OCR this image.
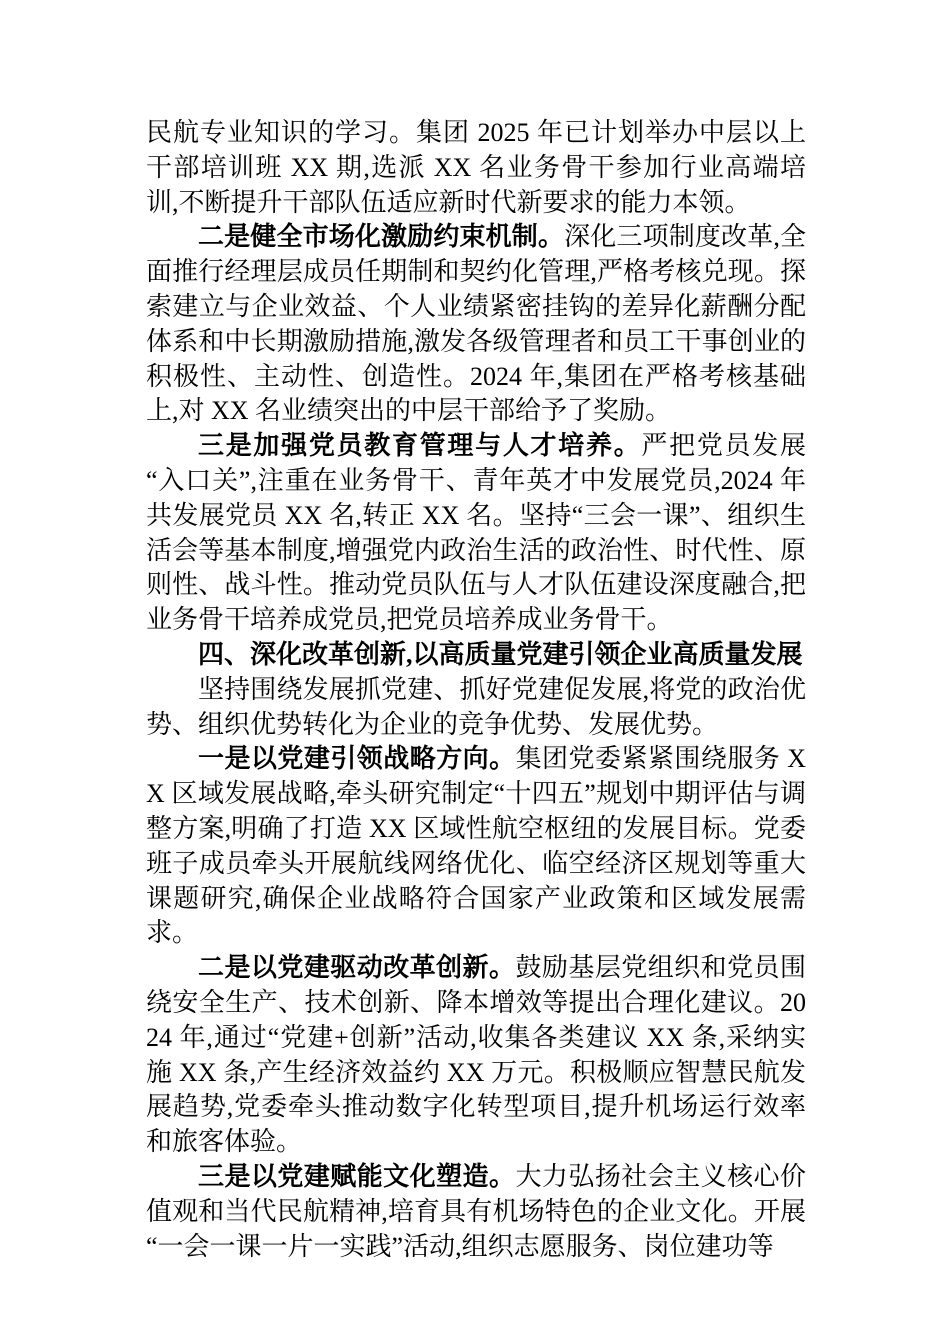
民航专业知识的学习。集团 2025 年已计划举办中层以上干部培训班 XX 期,选派 XX 名业务骨干参加行业高端培训,不断提升干部队伍适应新时代新要求的能力本领。

二是健全市场化激励约束机制。深化三项制度改革,全面推行经理层成员任期制和契约化管理,严格考核兑现。探索建立与企业效益、个人业绩紧密挂钩的差异化薪酬分配体系和中长期激励措施,激发各级管理者和员工干事创业的积极性、主动性、创造性。2024 年,集团在严格考核基础上,对 XX 名业绩突出的中层干部给予了奖励。

三是加强党员教育管理与人才培养。严把党员发展“入口关”,注重在业务骨干、青年英才中发展党员,2024 年共发展党员 XX 名,转正 XX 名。坚持“三会一课”、组织生活会等基本制度,增强党内政治生活的政治性、时代性、原则性、战斗性。推动党员队伍与人才队伍建设深度融合,把业务骨干培养成党员,把党员培养成业务骨干。

四、深化改革创新,以高质量党建引领企业高质量发展

坚持围绕发展抓党建、抓好党建促发展,将党的政治优势、组织优势转化为企业的竞争优势、发展优势。

一是以党建引领战略方向。集团党委紧紧围绕服务 XX 区域发展战略,牵头研究制定“十四五”规划中期评估与调整方案,明确了打造 XX 区域性航空枢纽的发展目标。党委班子成员牵头开展航线网络优化、临空经济区规划等重大课题研究,确保企业战略符合国家产业政策和区域发展需求。

二是以党建驱动改革创新。鼓励基层党组织和党员围绕安全生产、技术创新、降本增效等提出合理化建议。2024 年,通过“党建+创新”活动,收集各类建议 XX 条,采纳实施 XX 条,产生经济效益约 XX 万元。积极顺应智慧民航发展趋势,党委牵头推动数字化转型项目,提升机场运行效率和旅客体验。

三是以党建赋能文化塑造。大力弘扬社会主义核心价值观和当代民航精神,培育具有机场特色的企业文化。开展“一会一课一片一实践”活动,组织志愿服务、岗位建功等
